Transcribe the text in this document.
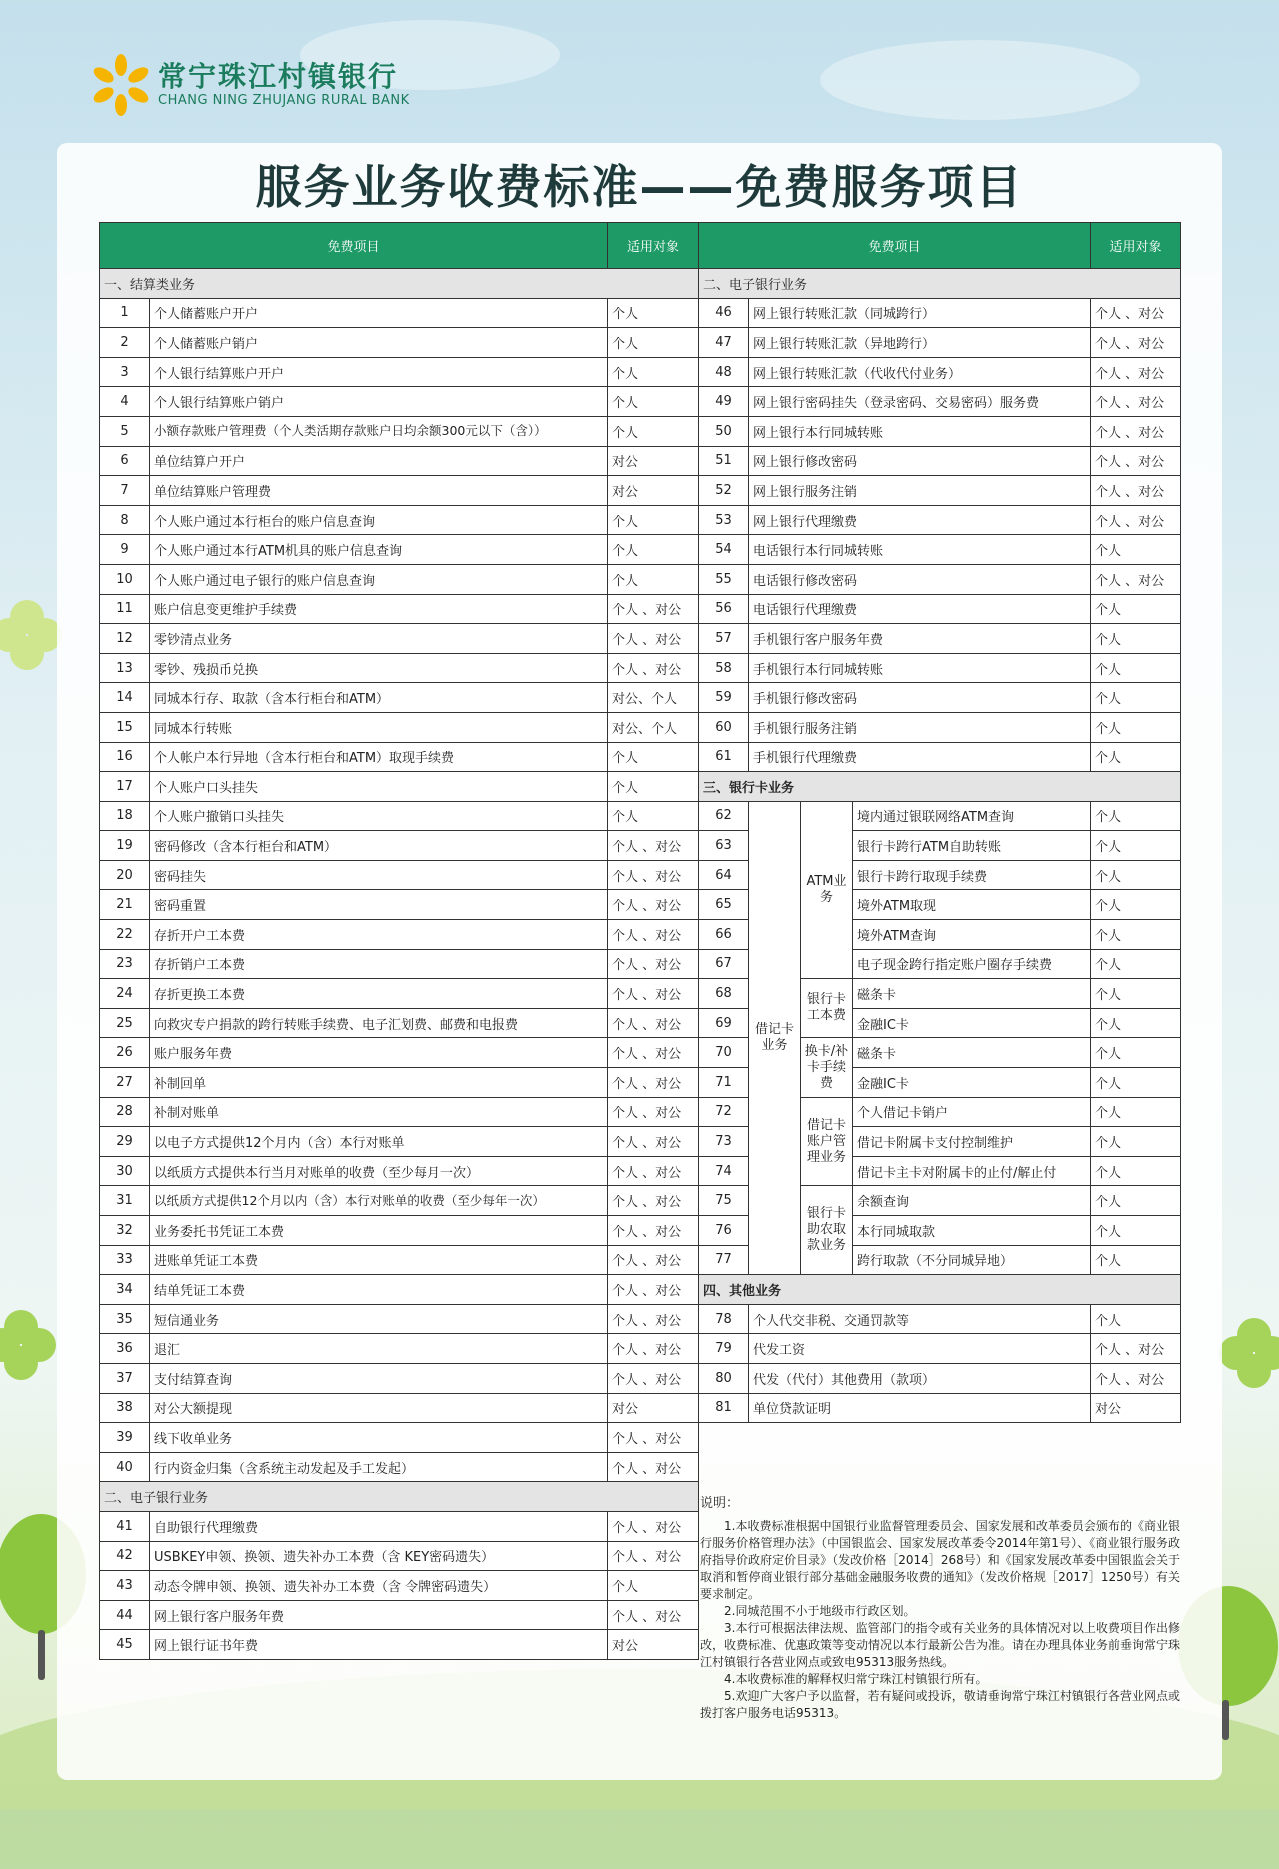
常宁珠江村镇银行
CHANG NING ZHUJANG RURAL BANK
服务业务收费标准——免费服务项目
免费项目		适用对象
一、结算类业务		
1	个人储蓄账户开户	个人
2	个人储蓄账户销户	个人
3	个人银行结算账户开户	个人
4	个人银行结算账户销户	个人
5	小额存款账户管理费（个人类活期存款账户日均余额300元以下（含））	个人
6	单位结算户开户	对公
7	单位结算账户管理费	对公
8	个人账户通过本行柜台的账户信息查询	个人
9	个人账户通过本行ATM机具的账户信息查询	个人
10	个人账户通过电子银行的账户信息查询	个人
11	账户信息变更维护手续费	个人 、对公
12	零钞清点业务	个人 、对公
13	零钞、残损币兑换	个人 、对公
14	同城本行存、取款（含本行柜台和ATM）	对公、个人
15	同城本行转账	对公、个人
16	个人帐户本行异地（含本行柜台和ATM）取现手续费	个人
17	个人账户口头挂失	个人
18	个人账户撤销口头挂失	个人
19	密码修改（含本行柜台和ATM）	个人 、对公
20	密码挂失	个人 、对公
21	密码重置	个人 、对公
22	存折开户工本费	个人 、对公
23	存折销户工本费	个人 、对公
24	存折更换工本费	个人 、对公
25	向救灾专户捐款的跨行转账手续费、电子汇划费、邮费和电报费	个人 、对公
26	账户服务年费	个人 、对公
27	补制回单	个人 、对公
28	补制对账单	个人 、对公
29	以电子方式提供12个月内（含）本行对账单	个人 、对公
30	以纸质方式提供本行当月对账单的收费（至少每月一次）	个人 、对公
31	以纸质方式提供12个月以内（含）本行对账单的收费（至少每年一次）	个人 、对公
32	业务委托书凭证工本费	个人 、对公
33	进账单凭证工本费	个人 、对公
34	结单凭证工本费	个人 、对公
35	短信通业务	个人 、对公
36	退汇	个人 、对公
37	支付结算查询	个人 、对公
38	对公大额提现	对公
39	线下收单业务	个人 、对公
40	行内资金归集（含系统主动发起及手工发起）	个人 、对公
二、电子银行业务		
41	自助银行代理缴费	个人 、对公
42	USBKEY申领、换领、遗失补办工本费（含 KEY密码遗失）	个人 、对公
43	动态令牌申领、换领、遗失补办工本费（含 令牌密码遗失）	个人
44	网上银行客户服务年费	个人 、对公
45	网上银行证书年费	对公
免费项目				适用对象
二、电子银行业务				
46	网上银行转账汇款（同城跨行）			个人 、对公
47	网上银行转账汇款（异地跨行）			个人 、对公
48	网上银行转账汇款（代收代付业务）			个人 、对公
49	网上银行密码挂失（登录密码、交易密码）服务费			个人 、对公
50	网上银行本行同城转账			个人 、对公
51	网上银行修改密码			个人 、对公
52	网上银行服务注销			个人 、对公
53	网上银行代理缴费			个人 、对公
54	电话银行本行同城转账			个人
55	电话银行修改密码			个人 、对公
56	电话银行代理缴费			个人
57	手机银行客户服务年费			个人
58	手机银行本行同城转账			个人
59	手机银行修改密码			个人
60	手机银行服务注销			个人
61	手机银行代理缴费			个人
三、银行卡业务				
62	借记卡业务	ATM业务	境内通过银联网络ATM查询	个人
63			银行卡跨行ATM自助转账	个人
64			银行卡跨行取现手续费	个人
65			境外ATM取现	个人
66			境外ATM查询	个人
67			电子现金跨行指定账户圈存手续费	个人
68		银行卡工本费	磁条卡	个人
69			金融IC卡	个人
70		换卡/补卡手续费	磁条卡	个人
71			金融IC卡	个人
72		借记卡账户管理业务	个人借记卡销户	个人
73			借记卡附属卡支付控制维护	个人
74			借记卡主卡对附属卡的止付/解止付	个人
75		银行卡助农取款业务	余额查询	个人
76			本行同城取款	个人
77			跨行取款（不分同城异地）	个人
四、其他业务				
78	个人代交非税、交通罚款等			个人
79	代发工资			个人 、对公
80	代发（代付）其他费用（款项）			个人 、对公
81	单位贷款证明			对公
说明：

1.本收费标准根据中国银行业监督管理委员会、国家发展和改革委员会颁布的《商业银行服务价格管理办法》（中国银监会、国家发展改革委令2014年第1号）、《商业银行服务政府指导价政府定价目录》（发改价格［2014］268号）和《国家发展改革委中国银监会关于取消和暂停商业银行部分基础金融服务收费的通知》（发改价格规［2017］1250号）有关要求制定。

2.同城范围不小于地级市行政区划。

3.本行可根据法律法规、监管部门的指令或有关业务的具体情况对以上收费项目作出修改，收费标准、优惠政策等变动情况以本行最新公告为准。请在办理具体业务前垂询常宁珠江村镇银行各营业网点或致电95313服务热线。

4.本收费标准的解释权归常宁珠江村镇银行所有。

5.欢迎广大客户予以监督，若有疑问或投诉，敬请垂询常宁珠江村镇银行各营业网点或拨打客户服务电话95313。
